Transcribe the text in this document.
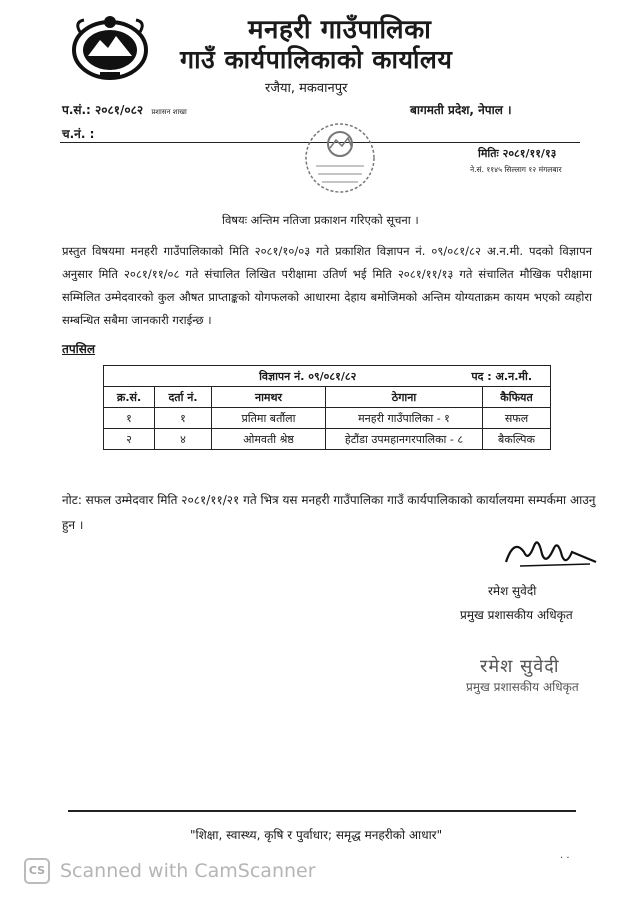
मनहरी गाउँपालिका
गाउँ कार्यपालिकाको कार्यालय
रजैया, मकवानपुर
प.सं.: २०८१/०८२ प्रशासन शाखा	बागमती प्रदेश, नेपाल ।
च.नं. :
मितिः २०८१/११/१३
ने.सं. ११४५ सिल्लाग १२ मंगलबार
विषयः अन्तिम नतिजा प्रकाशन गरिएको सूचना ।
प्रस्तुत विषयमा मनहरी गाउँपालिकाको मिति २०८१/१०/०३ गते प्रकाशित विज्ञापन नं. ०९/०८१/८२ अ.न.मी. पदको विज्ञापन अनुसार मिति २०८१/११/०८ गते संचालित लिखित परीक्षामा उतिर्ण भई मिति २०८१/११/१३ गते संचालित मौखिक परीक्षामा सम्मिलित उम्मेदवारको कुल औषत प्राप्ताङ्कको योगफलको आधारमा देहाय बमोजिमको अन्तिम योग्यताक्रम कायम भएको व्यहोरा सम्बन्धित सबैमा जानकारी गराईन्छ ।
तपसिल
विज्ञापन नं. ०९/०८१/८२ पद : अ.न.मी.				

क्र.सं.	दर्ता नं.	नामथर	ठेगाना	कैफियत
१	१	प्रतिमा बर्तौला	मनहरी गाउँपालिका - १	सफल
२	४	ओमवती श्रेष्ठ	हेटौंडा उपमहानगरपालिका - ८	बैकल्पिक
नोट: सफल उम्मेदवार मिति २०८१/११/२१ गते भित्र यस मनहरी गाउँपालिका गाउँ कार्यपालिकाको कार्यालयमा सम्पर्कमा आउनु हुन ।
रमेश सुवेदी
प्रमुख प्रशासकीय अधिकृत
रमेश सुवेदी
प्रमुख प्रशासकीय अधिकृत
"शिक्षा, स्वास्थ्य, कृषि र पुर्वाधार; समृद्ध मनहरीको आधार"
CS Scanned with CamScanner
· ·
